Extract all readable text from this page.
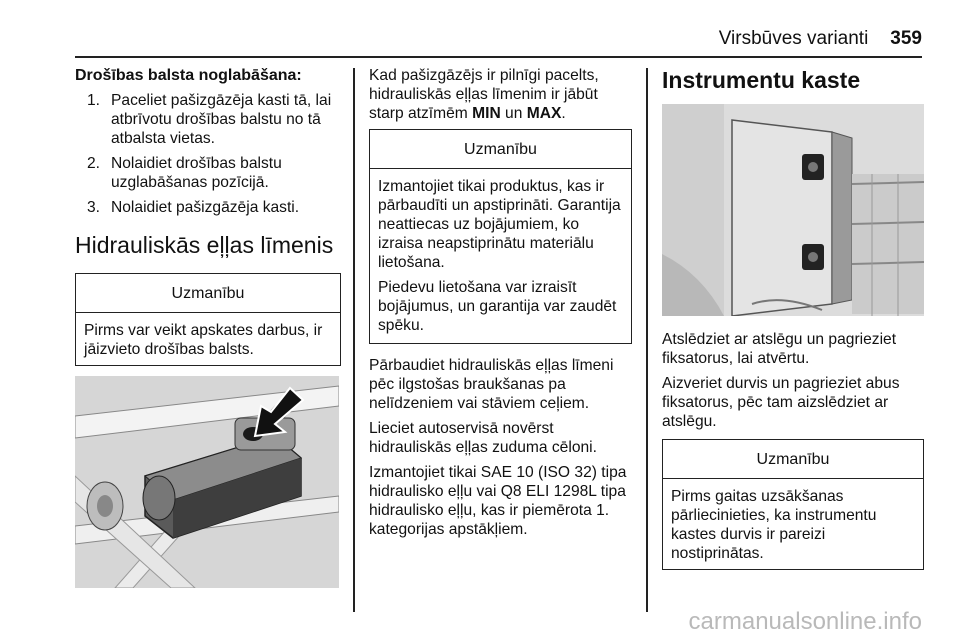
Virsbūves varianti 359
Drošības balsta noglabāšana:
1. Paceliet pašizgāzēja kasti tā, lai atbrīvotu drošības balstu no tā atbalsta vietas.
2. Nolaidiet drošības balstu uzglabāšanas pozīcijā.
3. Nolaidiet pašizgāzēja kasti.
Hidrauliskās eļļas līmenis
Uzmanību
Pirms var veikt apskates darbus, ir jāizvieto drošības balsts.

Kad pašizgāzējs ir pilnīgi pacelts, hidrauliskās eļļas līmenim ir jābūt starp atzīmēm MIN un MAX.

Uzmanību

Izmantojiet tikai produktus, kas ir pārbaudīti un apstiprināti. Garantija neattiecas uz bojājumiem, ko izraisa neapstiprinātu materiālu lietošana.

Piedevu lietošana var izraisīt bojājumus, un garantija var zaudēt spēku.

Pārbaudiet hidrauliskās eļļas līmeni pēc ilgstošas braukšanas pa nelīdzeniem vai stāviem ceļiem.

Lieciet autoservisā novērst hidrauliskās eļļas zuduma cēloni.

Izmantojiet tikai SAE 10 (ISO 32) tipa hidraulisko eļļu vai Q8 ELI 1298L tipa hidraulisko eļļu, kas ir piemērota 1. kategorijas apstākļiem.

Instrumentu kaste

Atslēdziet ar atslēgu un pagrieziet fiksatorus, lai atvērtu.

Aizveriet durvis un pagrieziet abus fiksatorus, pēc tam aizslēdziet ar atslēgu.

Uzmanību
Pirms gaitas uzsākšanas pārliecinieties, ka instrumentu kastes durvis ir pareizi nostiprinātas.
carmanualsonline.info
